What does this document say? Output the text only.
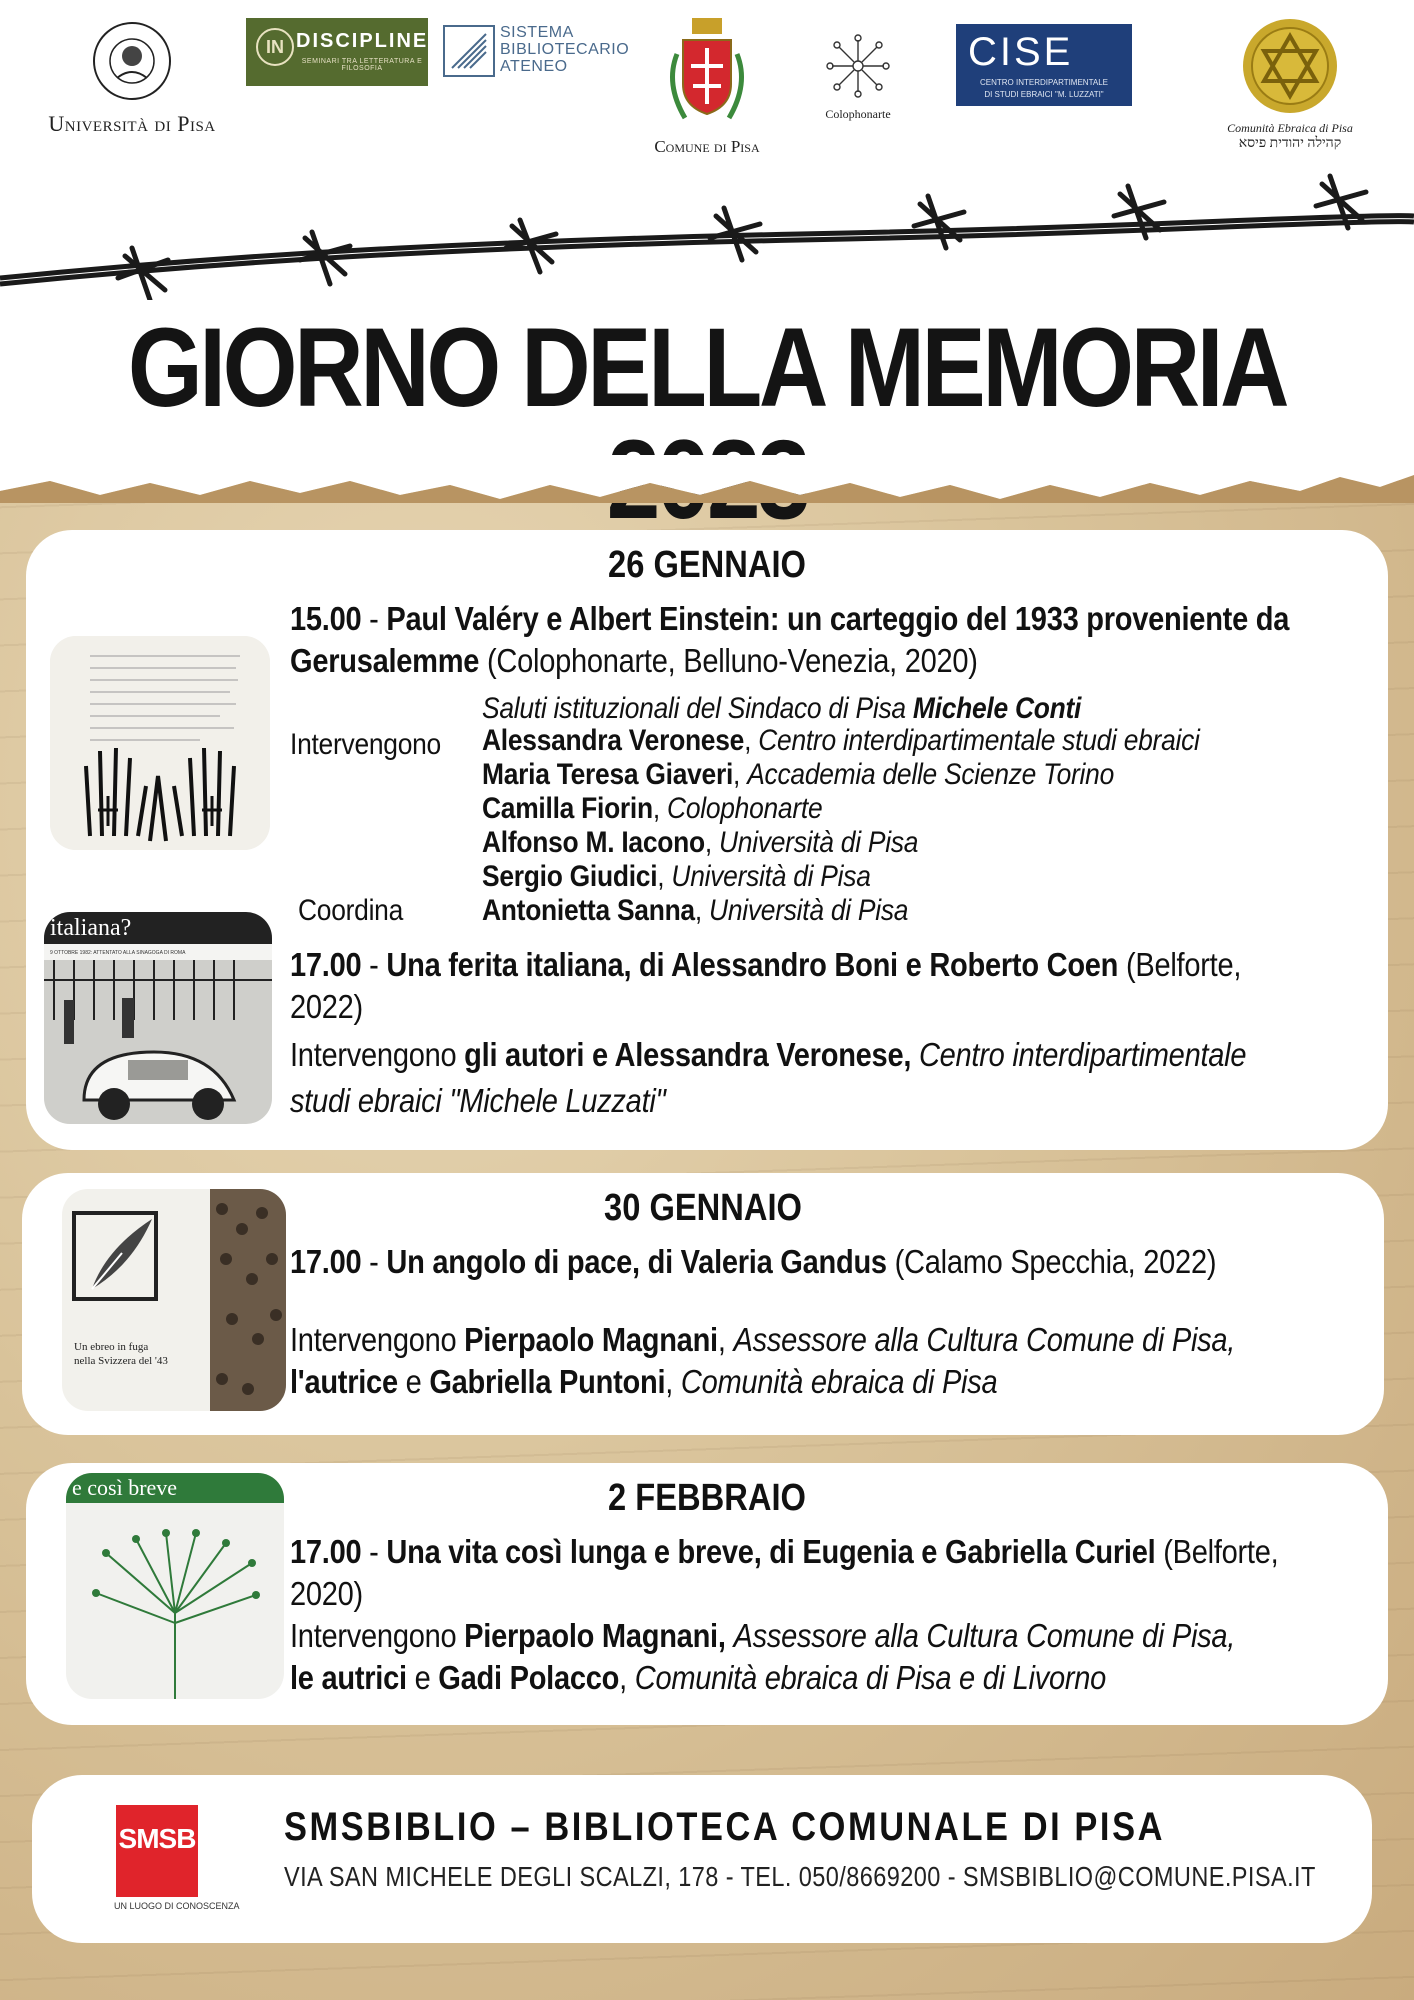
Università di Pisa
IN DISCIPLINE
SEMINARI TRA LETTERATURA E FILOSOFIA
SISTEMA
BIBLIOTECARIO
ATENEO
Comune di Pisa
Colophonarte
CISE
CENTRO INTERDIPARTIMENTALE
DI STUDI EBRAICI "M. LUZZATI"
Comunità Ebraica di Pisa
קהילה יהודית פיסא
GIORNO DELLA MEMORIA
26 GENNAIO
15.00 - Paul Valéry e Albert Einstein: un carteggio del 1933 proveniente da
Gerusalemme (Colophonarte, Belluno-Venezia, 2020)
Saluti istituzionali del Sindaco di Pisa Michele Conti
Intervengono Alessandra Veronese, Centro interdipartimentale studi ebraici
Maria Teresa Giaveri, Accademia delle Scienze Torino
Camilla Fiorin, Colophonarte
Alfonso M. Iacono, Università di Pisa
Sergio Giudici, Università di Pisa
Antonietta Sanna, Università di Pisa
Coordina
italiana?
9 OTTOBRE 1982: ATTENTATO ALLA SINAGOGA DI ROMA	17.00 - Una ferita italiana, di Alessandro Boni e Roberto Coen (Belforte,
2022)
Intervengono gli autori e Alessandra Veronese, Centro interdipartimentale
studi ebraici "Michele Luzzati"
30 GENNAIO
Un ebreo in fuga
nella Svizzera del '43
17.00 - Un angolo di pace, di Valeria Gandus (Calamo Specchia, 2022)
Intervengono Pierpaolo Magnani, Assessore alla Cultura Comune di Pisa,
l'autrice e Gabriella Puntoni, Comunità ebraica di Pisa
2 FEBBRAIO
e così breve
17.00 - Una vita così lunga e breve, di Eugenia e Gabriella Curiel (Belforte,
2020)
Intervengono Pierpaolo Magnani, Assessore alla Cultura Comune di Pisa,
le autrici e Gadi Polacco, Comunità ebraica di Pisa e di Livorno
SMSB
UN LUOGO DI CONOSCENZA
SMSBIBLIO – BIBLIOTECA COMUNALE DI PISA
VIA SAN MICHELE DEGLI SCALZI, 178 - TEL. 050/8669200 - SMSBIBLIO@COMUNE.PISA.IT
